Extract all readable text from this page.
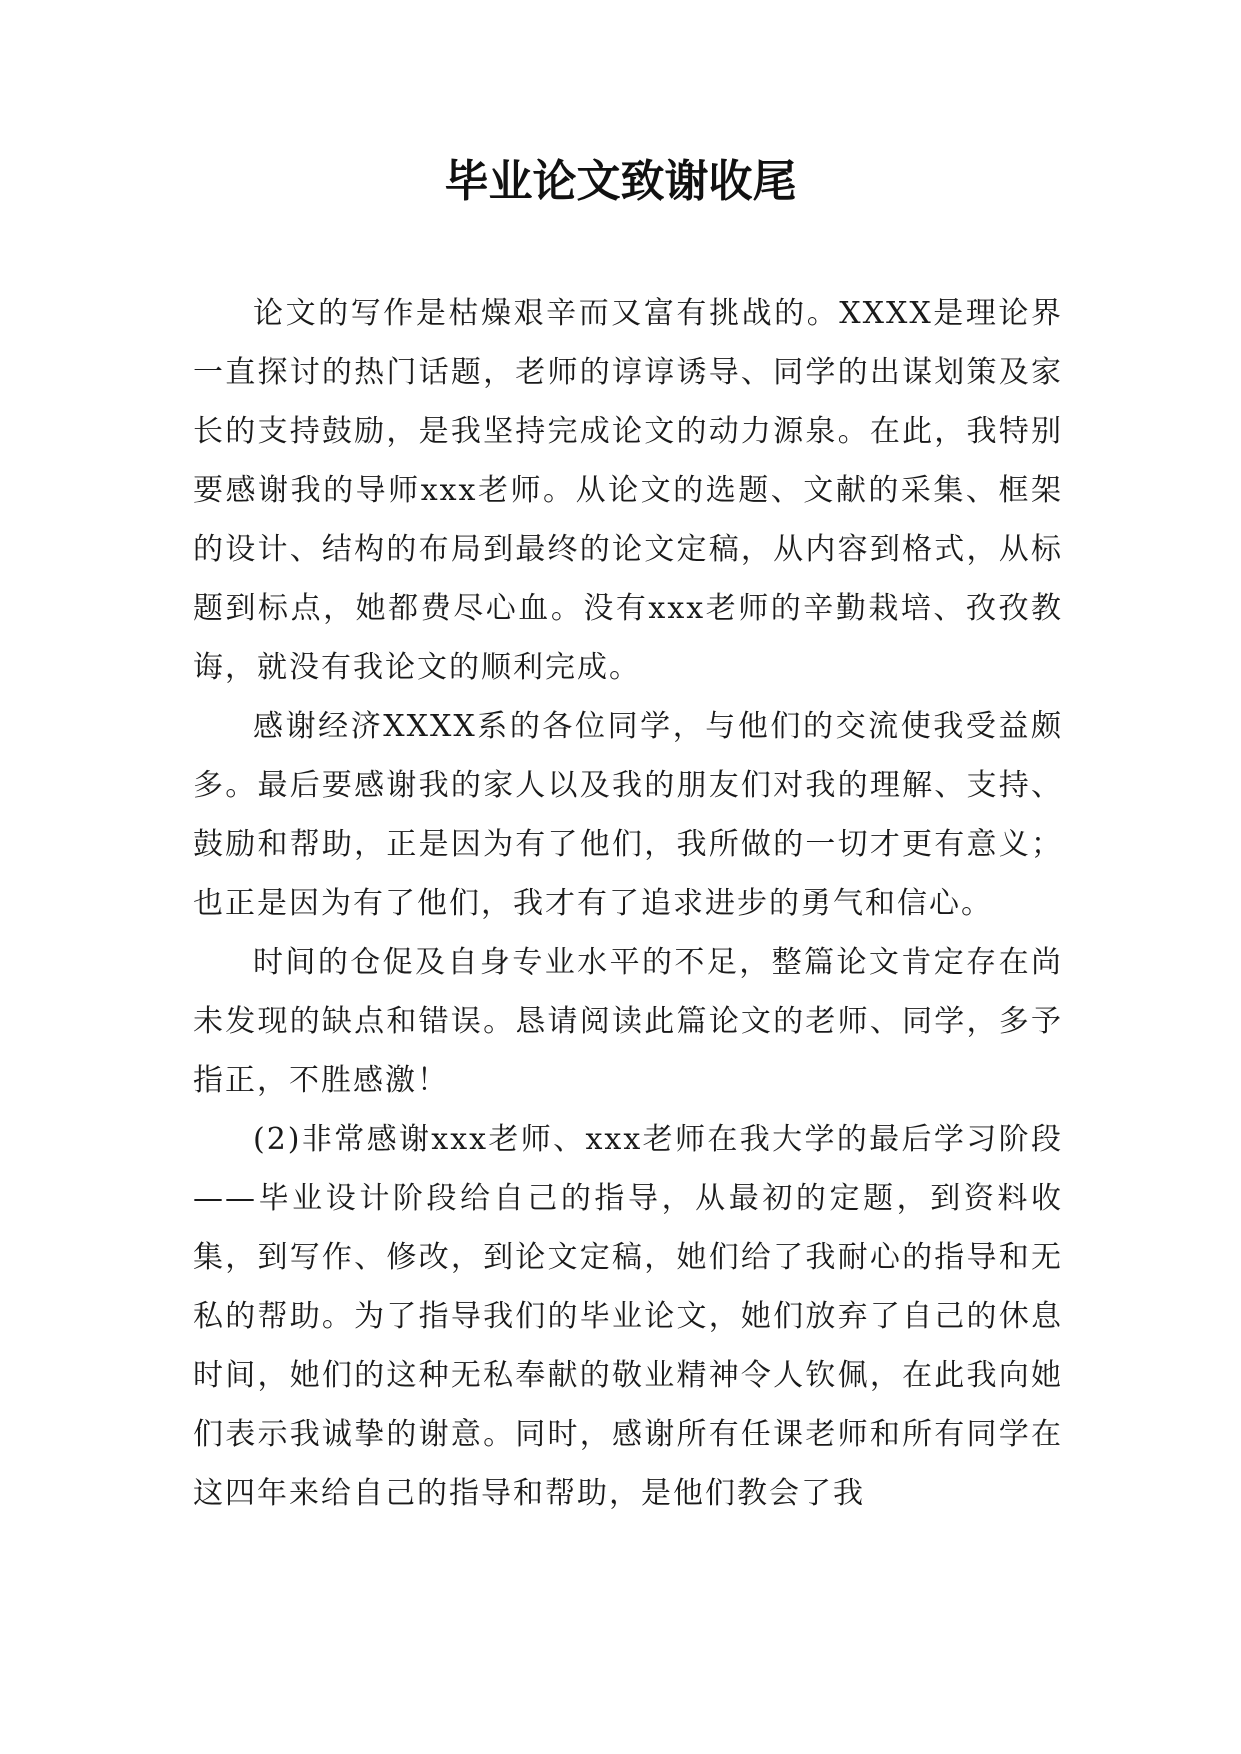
毕业论文致谢收尾

论文的写作是枯燥艰辛而又富有挑战的。XXXX是理论界一直探讨的热门话题，老师的谆谆诱导、同学的出谋划策及家长的支持鼓励，是我坚持完成论文的动力源泉。在此，我特别要感谢我的导师xxx老师。从论文的选题、文献的采集、框架的设计、结构的布局到最终的论文定稿，从内容到格式，从标题到标点，她都费尽心血。没有xxx老师的辛勤栽培、孜孜教诲，就没有我论文的顺利完成。

感谢经济XXXX系的各位同学，与他们的交流使我受益颇多。最后要感谢我的家人以及我的朋友们对我的理解、支持、鼓励和帮助，正是因为有了他们，我所做的一切才更有意义；也正是因为有了他们，我才有了追求进步的勇气和信心。

时间的仓促及自身专业水平的不足，整篇论文肯定存在尚未发现的缺点和错误。恳请阅读此篇论文的老师、同学，多予指正，不胜感激！

(2)非常感谢xxx老师、xxx老师在我大学的最后学习阶段——毕业设计阶段给自己的指导，从最初的定题，到资料收集，到写作、修改，到论文定稿，她们给了我耐心的指导和无私的帮助。为了指导我们的毕业论文，她们放弃了自己的休息时间，她们的这种无私奉献的敬业精神令人钦佩，在此我向她们表示我诚挚的谢意。同时，感谢所有任课老师和所有同学在这四年来给自己的指导和帮助，是他们教会了我
